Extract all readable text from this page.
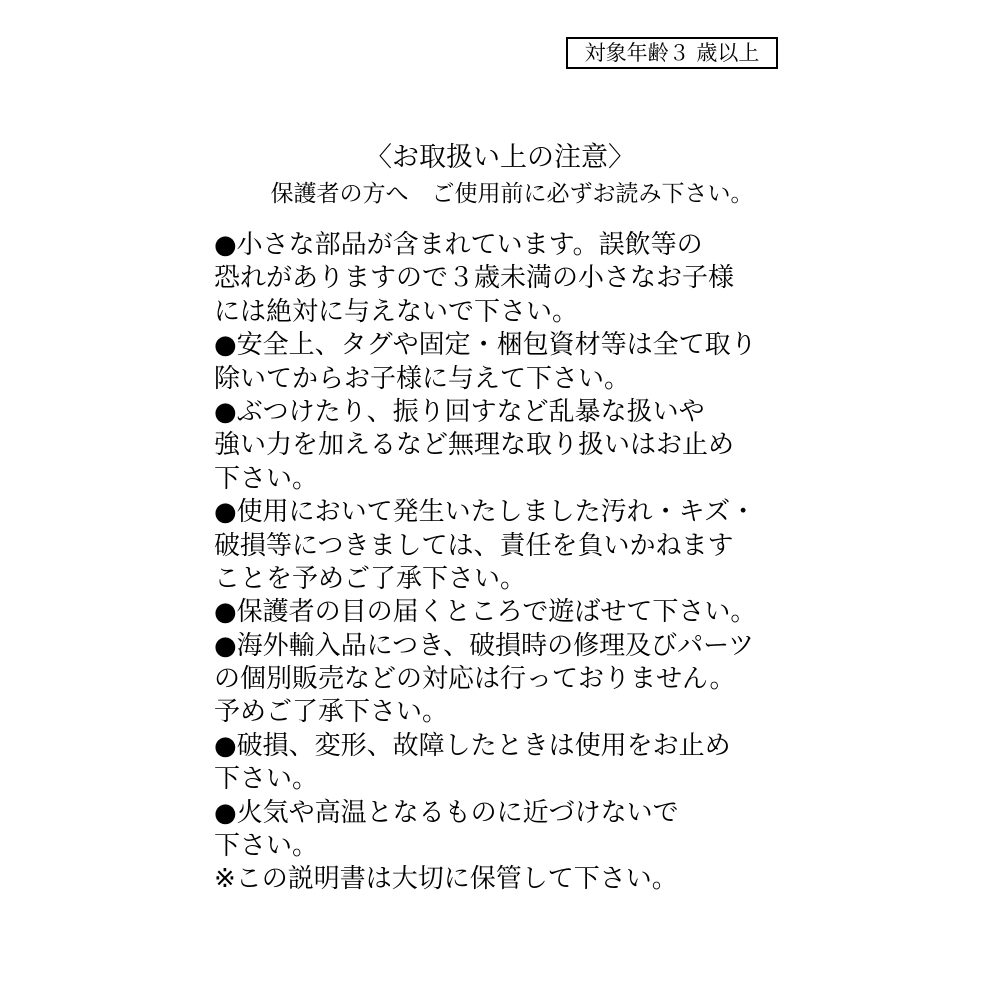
対象年齢３ 歳以上
〈お取扱い上の注意〉
保護者の方へ　ご使用前に必ずお読み下さい。
●小さな部品が含まれています。誤飲等の
恐れがありますので３歳未満の小さなお子様
には絶対に与えないで下さい。
●安全上、タグや固定・梱包資材等は全て取り
除いてからお子様に与えて下さい。
●ぶつけたり、振り回すなど乱暴な扱いや
強い力を加えるなど無理な取り扱いはお止め
下さい。
●使用において発生いたしました汚れ・キズ・
破損等につきましては、責任を負いかねます
ことを予めご了承下さい。
●保護者の目の届くところで遊ばせて下さい。
●海外輸入品につき、破損時の修理及びパーツ
の個別販売などの対応は行っておりません。
予めご了承下さい。
●破損、変形、故障したときは使用をお止め
下さい。
●火気や高温となるものに近づけないで
下さい。
※この説明書は大切に保管して下さい。
